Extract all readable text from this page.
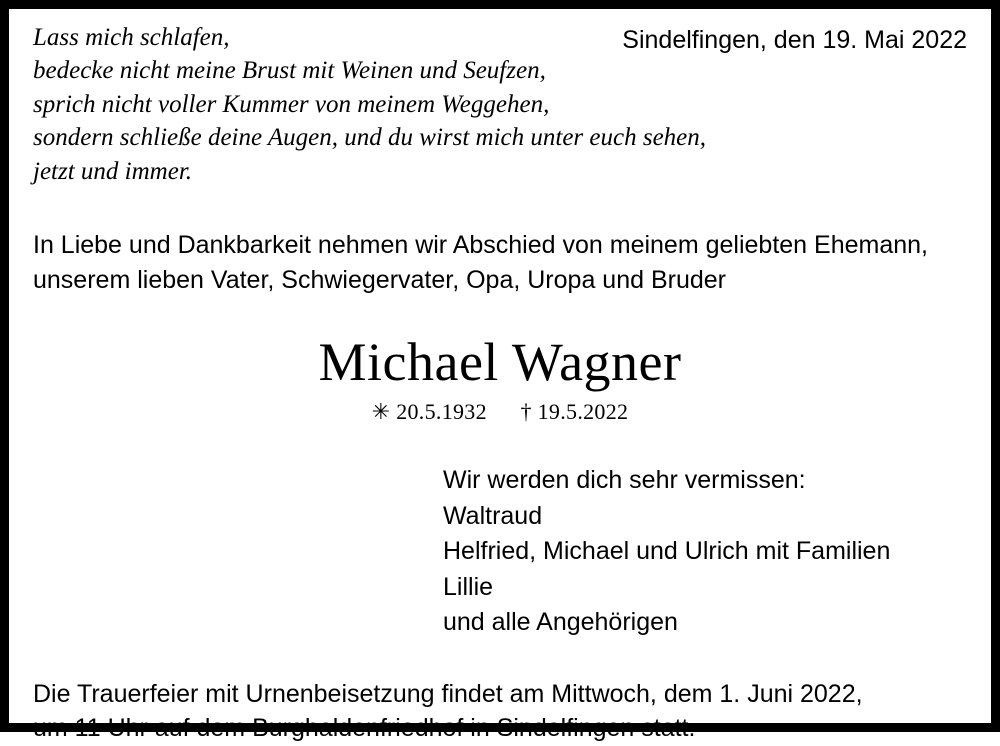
Sindelfingen, den 19. Mai 2022
Lass mich schlafen,
bedecke nicht meine Brust mit Weinen und Seufzen,
sprich nicht voller Kummer von meinem Weggehen,
sondern schließe deine Augen, und du wirst mich unter euch sehen,
jetzt und immer.
In Liebe und Dankbarkeit nehmen wir Abschied von meinem geliebten Ehemann,
unserem lieben Vater, Schwiegervater, Opa, Uropa und Bruder
Michael Wagner
✳ 20.5.1932 † 19.5.2022
Wir werden dich sehr vermissen:
Waltraud
Helfried, Michael und Ulrich mit Familien
Lillie
und alle Angehörigen
Die Trauerfeier mit Urnenbeisetzung findet am Mittwoch, dem 1. Juni 2022,
um 11 Uhr auf dem Burghaldenfriedhof in Sindelfingen statt.
